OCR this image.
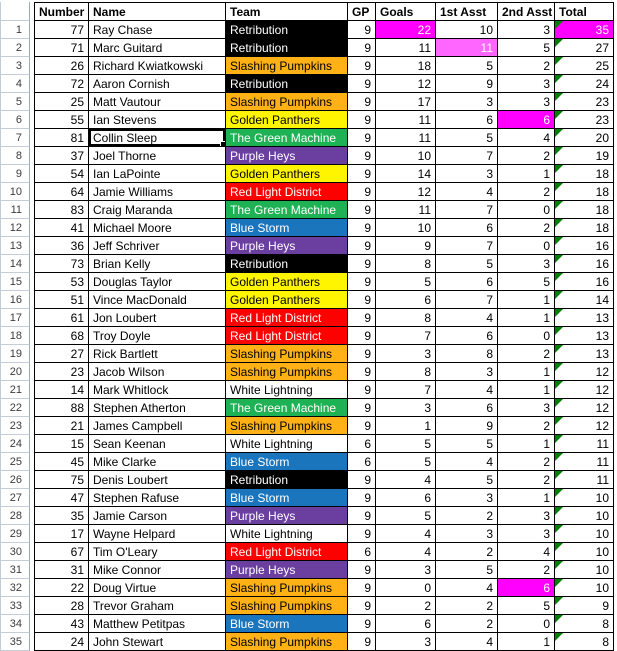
Number Name	Team	GP Goals	1st Asst	2nd Asst Total
1	77 Ray Chase	Retribution	9	22	10	3	35
2	71 Marc Guitard	Retribution	9	11	11	5	27
3	26 Richard Kwiatkowski	Slashing Pumpkins	9	18	5	2	25
4	72 Aaron Cornish	Retribution	9	12	9	3	24
5	25 Matt Vautour	Slashing Pumpkins	9	17	3	3	23
6	55 Ian Stevens	Golden Panthers	9	11	6	6	23
7	81 Collin Sleep	The Green Machine	9	11	5	4	20
8	37 Joel Thorne	Purple Heys	9	10	7	2	19
9	54 Ian LaPointe	Golden Panthers	9	14	3	1	18
10	64 Jamie Williams	Red Light District	9	12	4	2	18
11	83 Craig Maranda	The Green Machine	9	11	7	0	18
12	41 Michael Moore	Blue Storm	9	10	6	2	18
13	36 Jeff Schriver	Purple Heys	9	9	7	0	16
14	73 Brian Kelly	Retribution	9	8	5	3	16
15	53 Douglas Taylor	Golden Panthers	9	5	6	5	16
16	51 Vince MacDonald	Golden Panthers	9	6	7	1	14
17	61 Jon Loubert	Red Light District	9	8	4	1	13
18	68 Troy Doyle	Red Light District	9	7	6	0	13
19	27 Rick Bartlett	Slashing Pumpkins	9	3	8	2	13
20	23 Jacob Wilson	Slashing Pumpkins	9	8	3	1	12
21	14 Mark Whitlock	White Lightning	9	7	4	1	12
22	88 Stephen Atherton	The Green Machine	9	3	6	3	12
23	21 James Campbell	Slashing Pumpkins	9	1	9	2	12
24	15 Sean Keenan	White Lightning	6	5	5	1	11
25	45 Mike Clarke	Blue Storm	6	5	4	2	11
26	75 Denis Loubert	Retribution	9	4	5	2	11
27	47 Stephen Rafuse	Blue Storm	9	6	3	1	10
28	35 Jamie Carson	Purple Heys	9	5	2	3	10
29	17 Wayne Helpard	White Lightning	9	4	3	3	10
30	67 Tim O'Leary	Red Light District	6	4	2	4	10
31	31 Mike Connor	Purple Heys	9	3	5	2	10
32	22 Doug Virtue	Slashing Pumpkins	9	0	4	6	10
33	28 Trevor Graham	Slashing Pumpkins	9	2	2	5	9
34	43 Matthew Petitpas	Blue Storm	9	6	2	0	8
35	24 John Stewart	Slashing Pumpkins	9	3	4	1	8
